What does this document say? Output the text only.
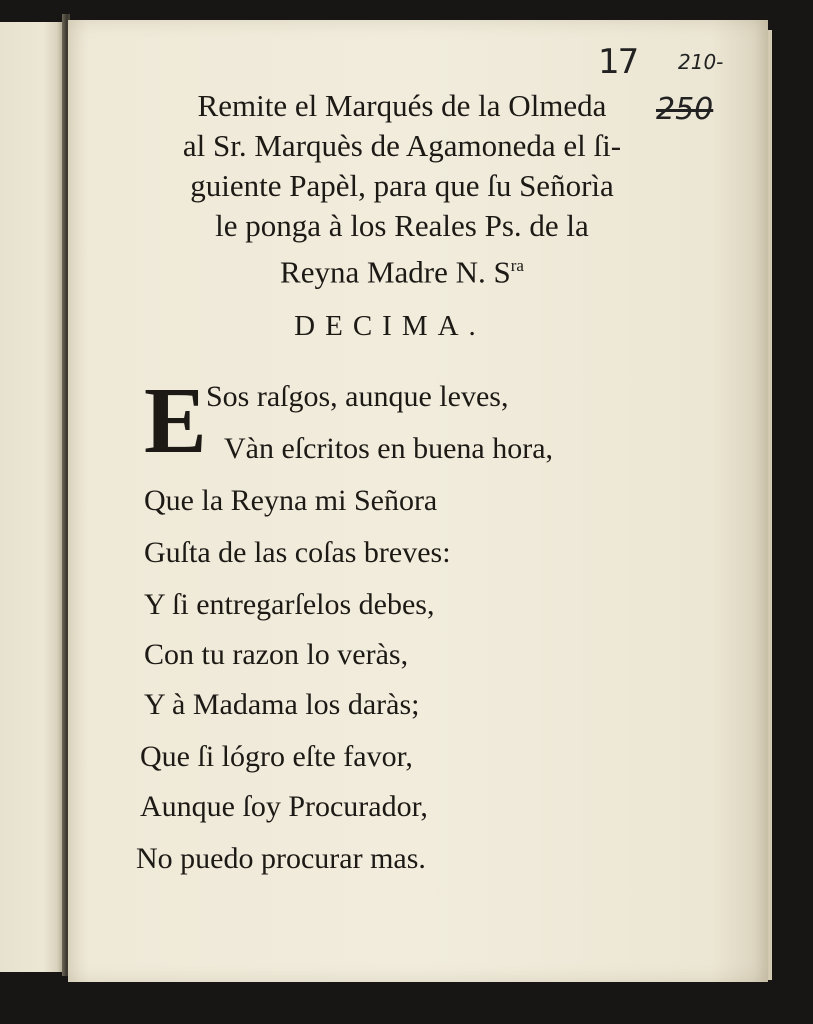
17 210-
250
Remite el Marqués de la Olmeda
al Sr. Marquès de Agamoneda el ſi-
guiente Papèl, para que ſu Señorìa
le ponga à los Reales Ps. de la
Reyna Madre N. $S^{ra}$
DECIMA.
E Sos raſgos, aunque leves,
Vàn eſcritos en buena hora,
Que la Reyna mi Señora
Guſta de las coſas breves:
Y ſi entregarſelos debes,
Con tu razon lo veràs,
Y à Madama los daràs;
Que ſi lógro eſte favor,
Aunque ſoy Procurador,
No puedo procurar mas.
